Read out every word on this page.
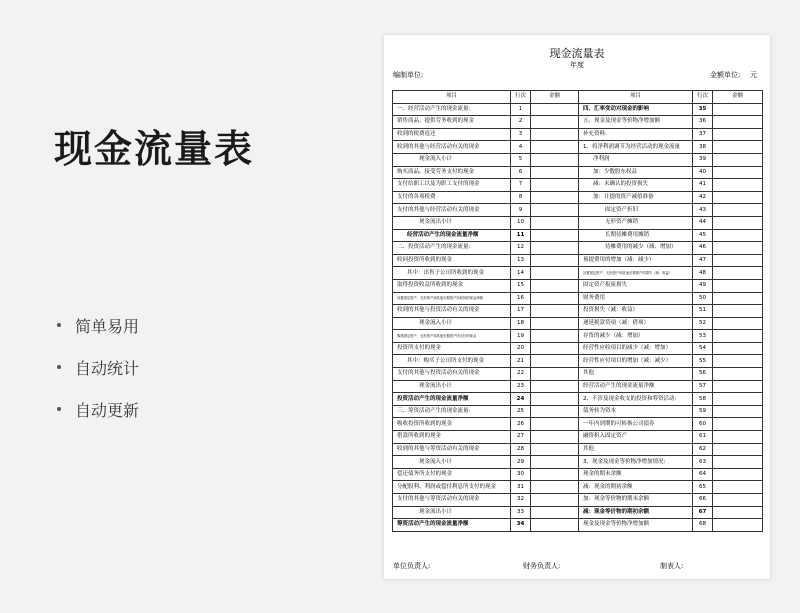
现金流量表
简单易用
自动统计
自动更新
现金流量表
年度
编制单位:	金额单位: 元
项目	行次	金额	项目	行次	金额
一、经营活动产生的现金流量:	1		四、汇率变动对现金的影响	35	
销售商品、提供劳务收到的现金	2		五、现金及现金等价物净增加额	36	
收到的税费返还	3		补充资料:	37	
收到的其他与经营活动有关的现金	4		1、将净利润调节为经营活动的现金流量	38	
现金流入小计	5		净利润	39	
购买商品、接受劳务支付的现金	6		加：少数股东权益	40	
支付给职工以及为职工支付的现金	7		减：未确认的投资损失	41	
支付的各项税费	8		加：计提的资产减值准备	42	
支付的其他与经营活动有关的现金	9		固定资产折旧	43	
现金流出小计	10		无形资产摊销	44	
经营活动产生的现金流量净额	11		长期待摊费用摊销	45	
二、投资活动产生的现金流量:	12		待摊费用的减少（减：增加）	46	
收回投资所收到的现金	13		预提费用的增加（减：减少）	47	
其中：出售子公司所收到的现金	14		处置固定资产、无形资产和其他长期资产的损失（减：收益）	48	
取得投资收益所收到的现金	15		固定资产报废损失	49	
处置固定资产、无形资产和其他长期资产所收回的现金净额	16		财务费用	50	
收到的其他与投资活动有关的现金	17		投资损失（减：收益）	51	
现金流入小计	18		递延税款贷项（减：借项）	52	
购建固定资产、无形资产和其他长期资产所支付的现金	19		存货的减少（减：增加）	53	
投资所支付的现金	20		经营性应收项目的减少（减：增加）	54	
其中：购买子公司所支付的现金	21		经营性应付项目的增加（减：减少）	55	
支付的其他与投资活动有关的现金	22		其他	56	
现金流出小计	23		经营活动产生的现金流量净额	57	
投资活动产生的现金流量净额	24		2、不涉及现金收支的投资和筹资活动:	58	
三、筹资活动产生的现金流量:	25		债务转为资本	59	
吸收投资所收到的现金	26		一年内到期的可转换公司债券	60	
借款所收到的现金	27		融资租入固定资产	61	
收到的其他与筹资活动有关的现金	28		其他	62	
现金流入小计	29		3、现金及现金等价物净增加情况:	63	
偿还债务所支付的现金	30		现金的期末余额	64	
分配股利、利润或偿付利息所支付的现金	31		减：现金的期初余额	65	
支付的其他与筹资活动有关的现金	32		加：现金等价物的期末余额	66	
现金流出小计	33		减：现金等价物的期初余额	67	
筹资活动产生的现金流量净额	34		现金及现金等价物净增加额	68	
单位负责人:	财务负责人:	制表人:
